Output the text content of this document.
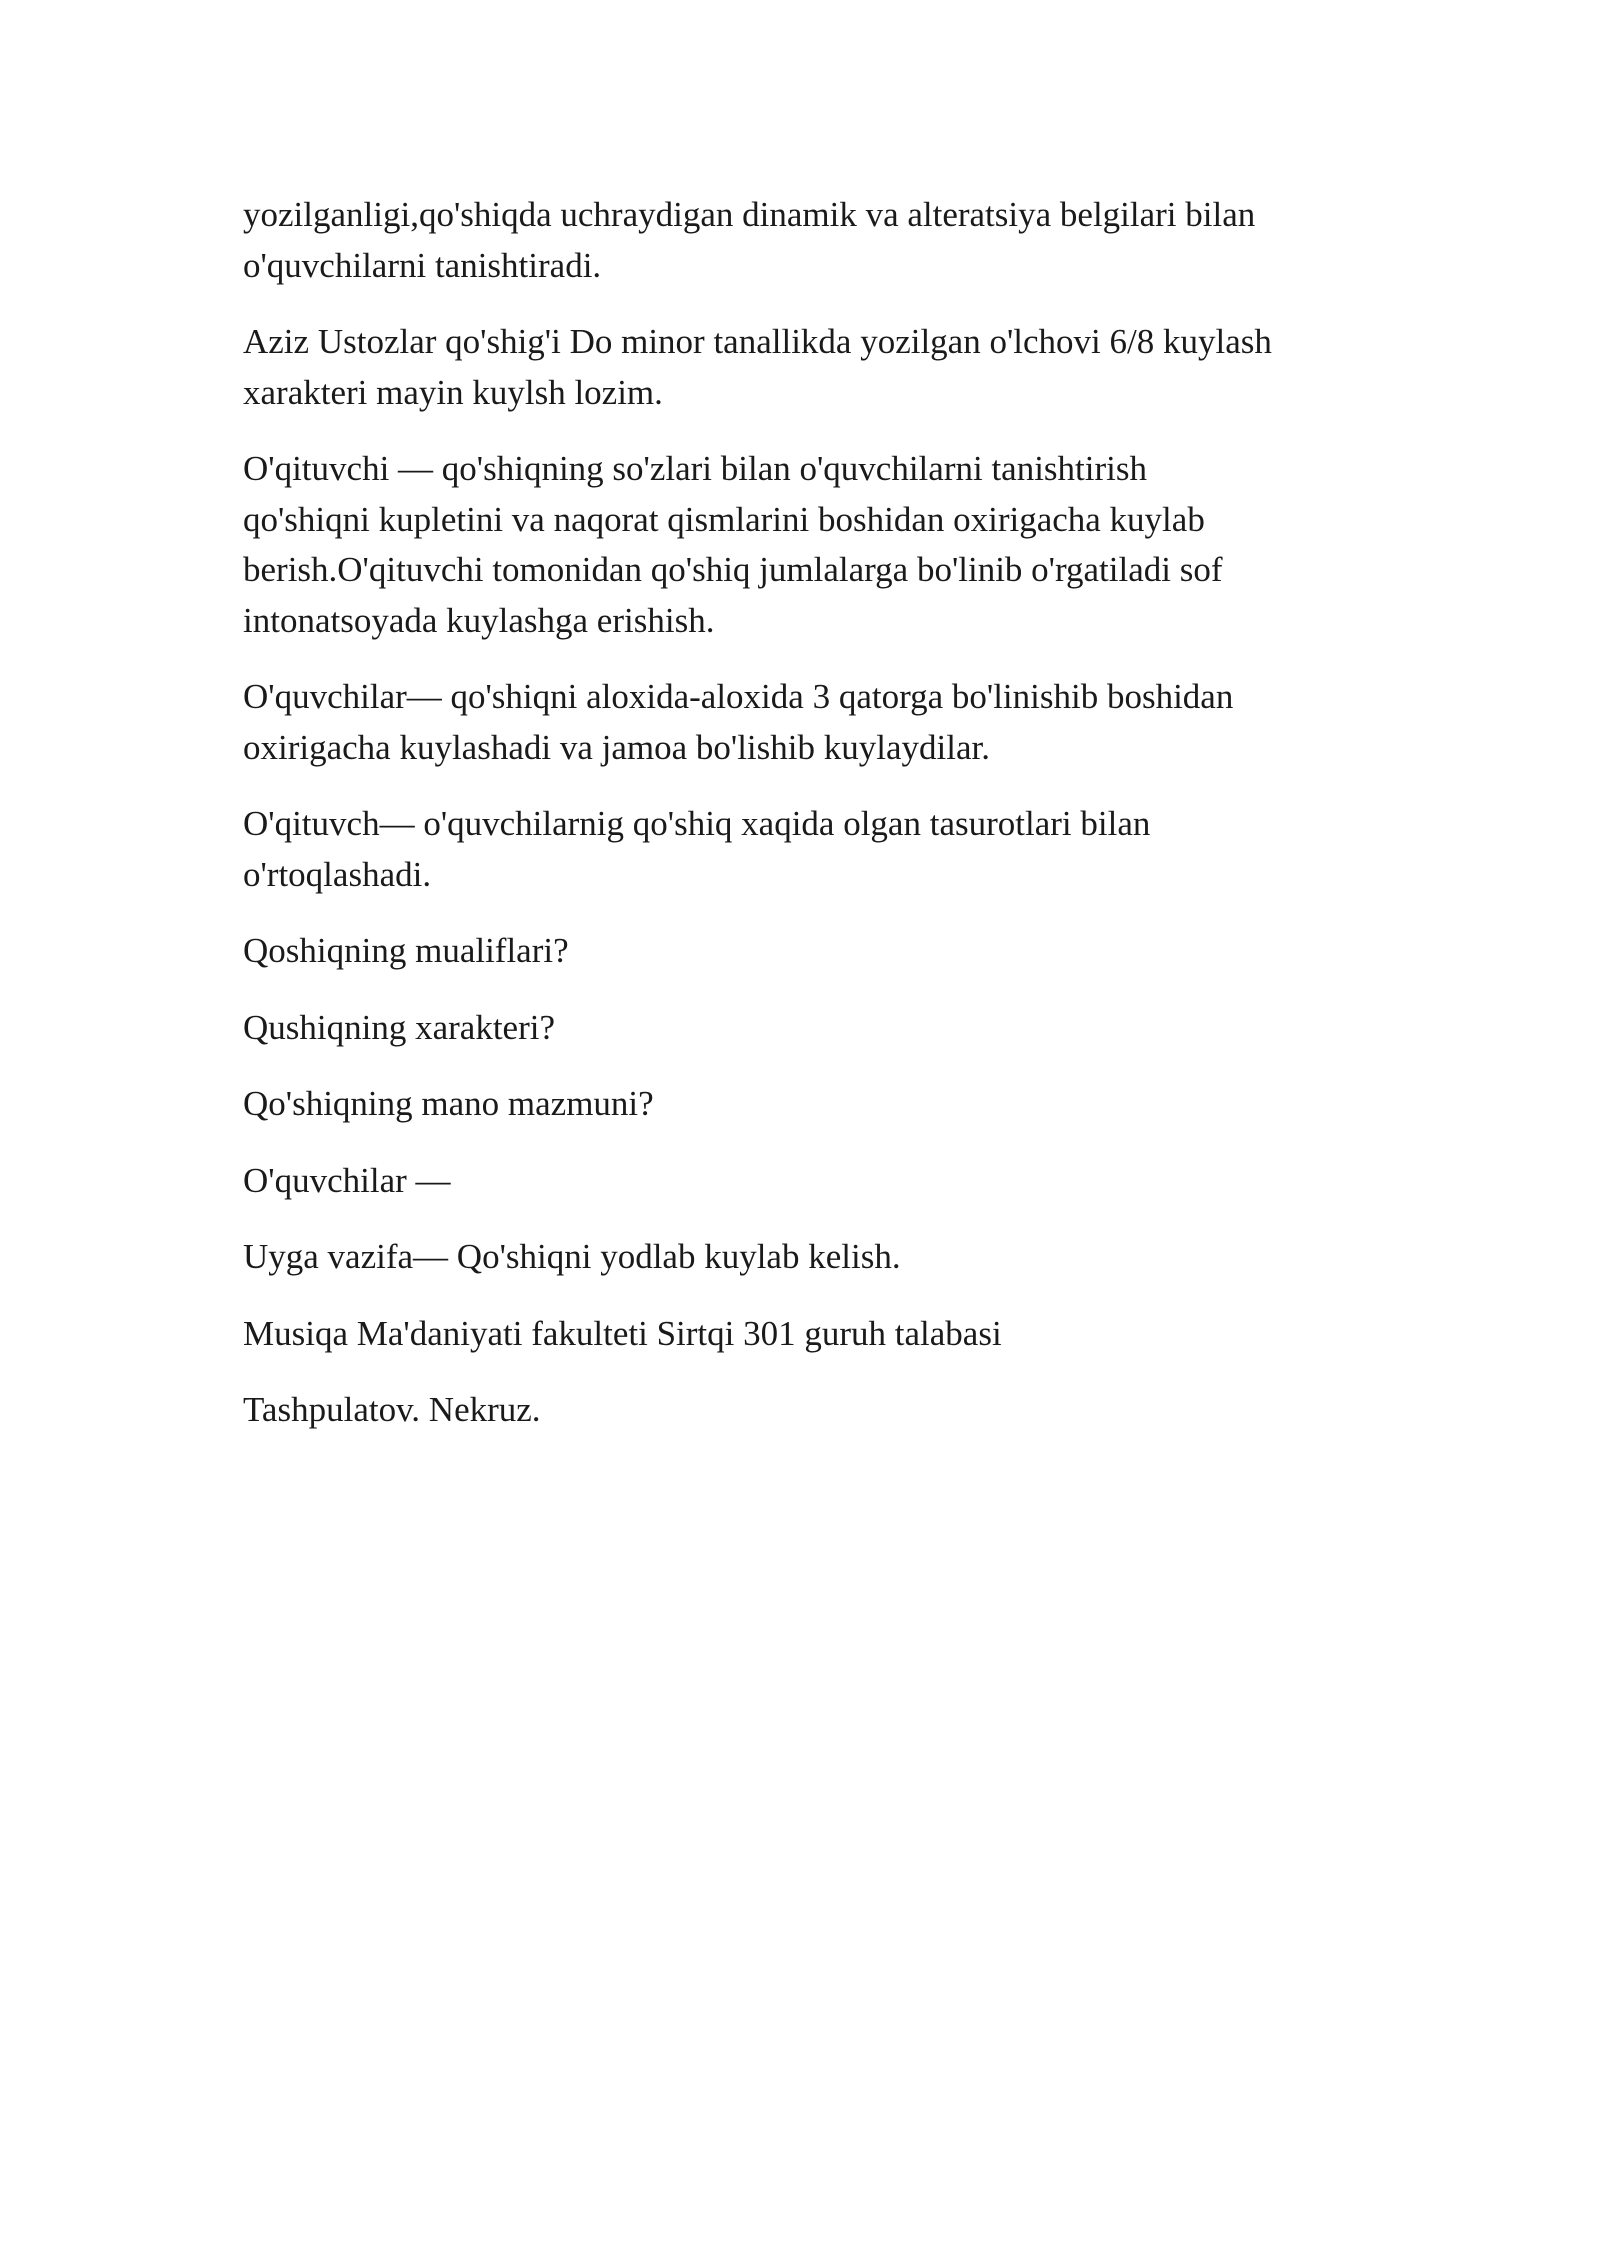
yozilganligi,qo'shiqda uchraydigan dinamik va alteratsiya belgilari bilan
o'quvchilarni tanishtiradi.

Aziz Ustozlar qo'shig'i Do minor tanallikda yozilgan o'lchovi 6/8 kuylash
xarakteri mayin kuylsh lozim.

O'qituvchi — qo'shiqning so'zlari bilan o'quvchilarni tanishtirish
qo'shiqni kupletini va naqorat qismlarini boshidan oxirigacha kuylab
berish.O'qituvchi tomonidan qo'shiq jumlalarga bo'linib o'rgatiladi sof
intonatsoyada kuylashga erishish.

O'quvchilar— qo'shiqni aloxida-aloxida 3 qatorga bo'linishib boshidan
oxirigacha kuylashadi va jamoa bo'lishib kuylaydilar.

O'qituvch— o'quvchilarnig qo'shiq xaqida olgan tasurotlari bilan
o'rtoqlashadi.

Qoshiqning mualiflari?

Qushiqning xarakteri?

Qo'shiqning mano mazmuni?

O'quvchilar —

Uyga vazifa— Qo'shiqni yodlab kuylab kelish.

Musiqa Ma'daniyati fakulteti Sirtqi 301 guruh talabasi

Tashpulatov. Nekruz.
